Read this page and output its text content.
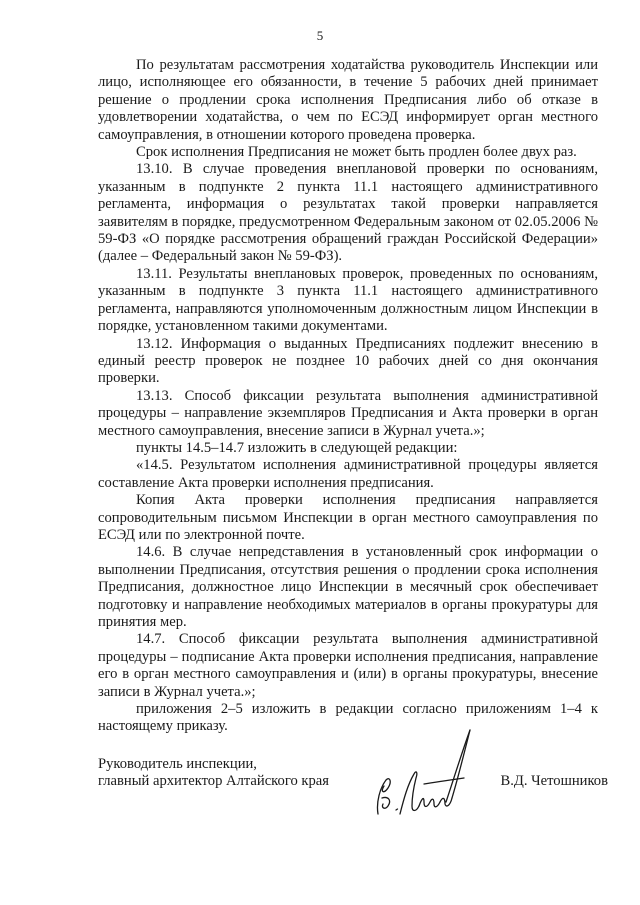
5

По результатам рассмотрения ходатайства руководитель Инспекции или лицо, исполняющее его обязанности, в течение 5 рабочих дней принимает решение о продлении срока исполнения Предписания либо об отказе в удовлетворении ходатайства, о чем по ЕСЭД информирует орган местного самоуправления, в отношении которого проведена проверка.

Срок исполнения Предписания не может быть продлен более двух раз.

13.10. В случае проведения внеплановой проверки по основаниям, указанным в подпункте 2 пункта 11.1 настоящего административного регламента, информация о результатах такой проверки направляется заявителям в порядке, предусмотренном Федеральным законом от 02.05.2006 № 59-ФЗ «О порядке рассмотрения обращений граждан Российской Федерации» (далее – Федеральный закон № 59-ФЗ).

13.11. Результаты внеплановых проверок, проведенных по основаниям, указанным в подпункте 3 пункта 11.1 настоящего административного регламента, направляются уполномоченным должностным лицом Инспекции в порядке, установленном такими документами.

13.12. Информация о выданных Предписаниях подлежит внесению в единый реестр проверок не позднее 10 рабочих дней со дня окончания проверки.

13.13. Способ фиксации результата выполнения административной процедуры – направление экземпляров Предписания и Акта проверки в орган местного самоуправления, внесение записи в Журнал учета.»;

пункты 14.5–14.7 изложить в следующей редакции:

«14.5. Результатом исполнения административной процедуры является составление Акта проверки исполнения предписания.

Копия Акта проверки исполнения предписания направляется сопроводительным письмом Инспекции в орган местного самоуправления по ЕСЭД или по электронной почте.

14.6. В случае непредставления в установленный срок информации о выполнении Предписания, отсутствия решения о продлении срока исполнения Предписания, должностное лицо Инспекции в месячный срок обеспечивает подготовку и направление необходимых материалов в органы прокуратуры для принятия мер.

14.7. Способ фиксации результата выполнения административной процедуры – подписание Акта проверки исполнения предписания, направление его в орган местного самоуправления и (или) в органы прокуратуры, внесение записи в Журнал учета.»;

приложения 2–5 изложить в редакции согласно приложениям 1–4 к настоящему приказу.

Руководитель инспекции,
главный архитектор Алтайского края	В.Д. Четошников
